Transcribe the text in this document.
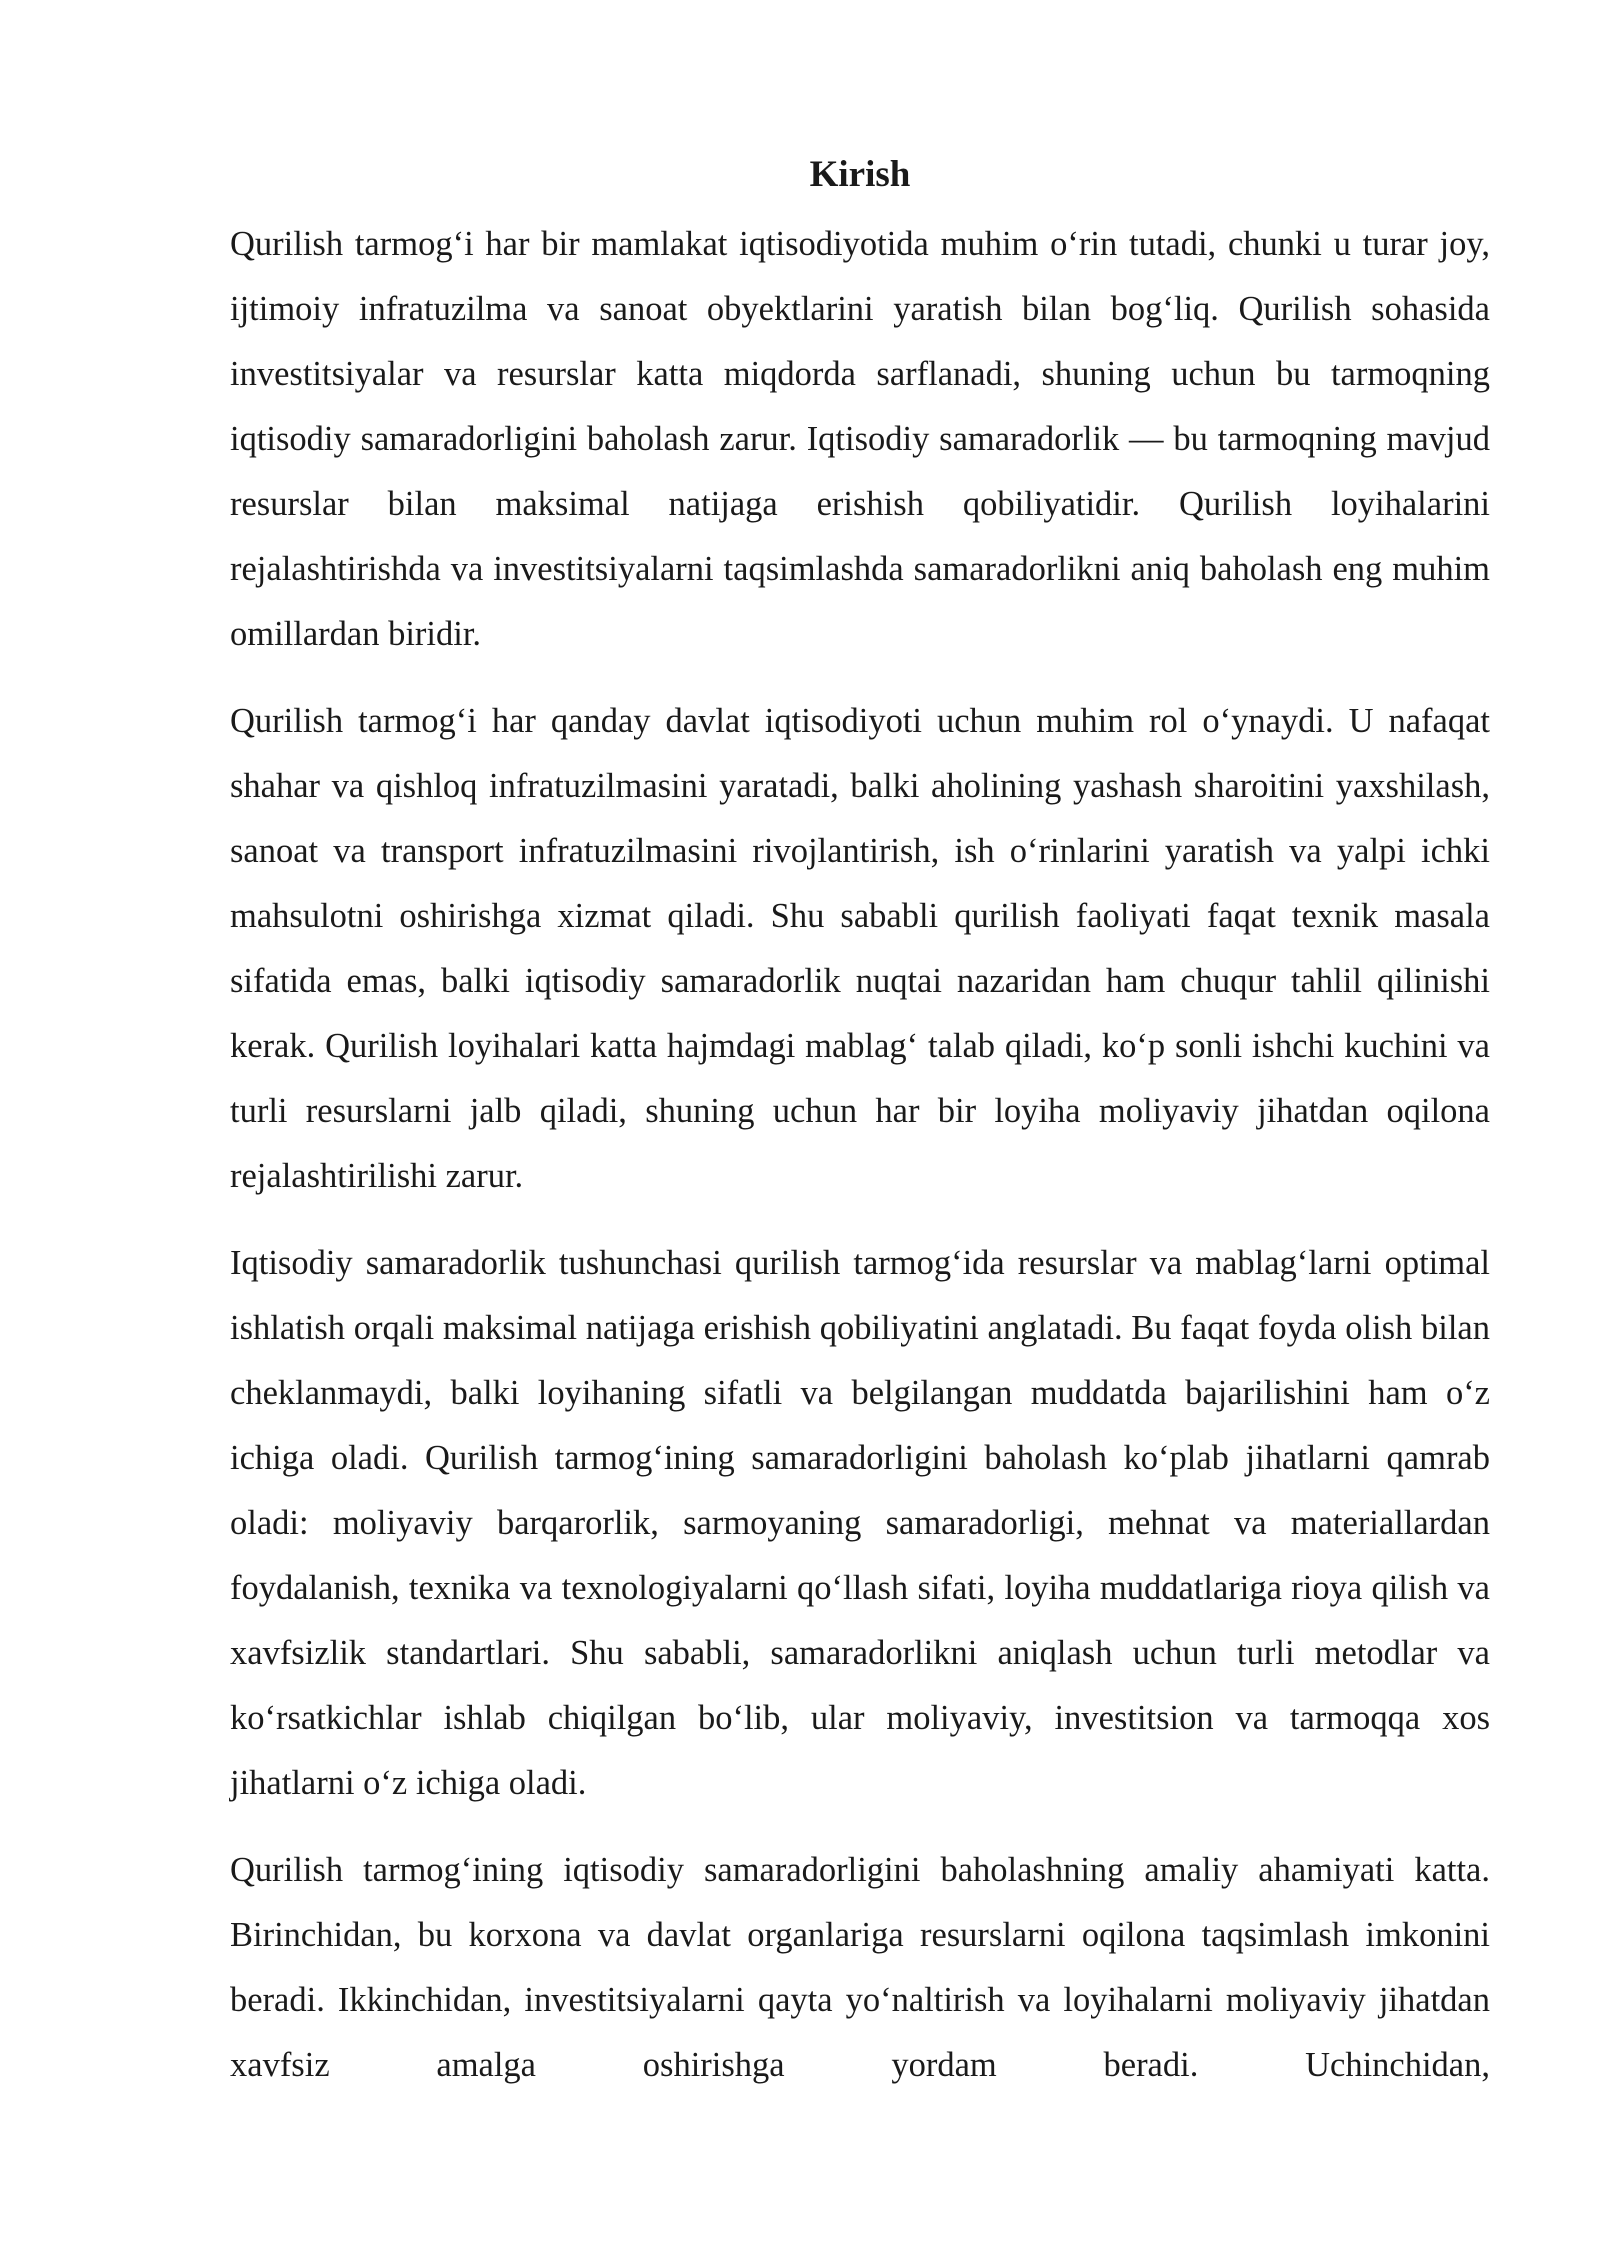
Kirish

Qurilish tarmog‘i har bir mamlakat iqtisodiyotida muhim o‘rin tutadi, chunki u turar joy, ijtimoiy infratuzilma va sanoat obyektlarini yaratish bilan bog‘liq. Qurilish sohasida investitsiyalar va resurslar katta miqdorda sarflanadi, shuning uchun bu tarmoqning iqtisodiy samaradorligini baholash zarur. Iqtisodiy samaradorlik — bu tarmoqning mavjud resurslar bilan maksimal natijaga erishish qobiliyatidir. Qurilish loyihalarini rejalashtirishda va investitsiyalarni taqsimlashda samaradorlikni aniq baholash eng muhim omillardan biridir.

Qurilish tarmog‘i har qanday davlat iqtisodiyoti uchun muhim rol o‘ynaydi. U nafaqat shahar va qishloq infratuzilmasini yaratadi, balki aholining yashash sharoitini yaxshilash, sanoat va transport infratuzilmasini rivojlantirish, ish o‘rinlarini yaratish va yalpi ichki mahsulotni oshirishga xizmat qiladi. Shu sababli qurilish faoliyati faqat texnik masala sifatida emas, balki iqtisodiy samaradorlik nuqtai nazaridan ham chuqur tahlil qilinishi kerak. Qurilish loyihalari katta hajmdagi mablag‘ talab qiladi, ko‘p sonli ishchi kuchini va turli resurslarni jalb qiladi, shuning uchun har bir loyiha moliyaviy jihatdan oqilona rejalashtirilishi zarur.

Iqtisodiy samaradorlik tushunchasi qurilish tarmog‘ida resurslar va mablag‘larni optimal ishlatish orqali maksimal natijaga erishish qobiliyatini anglatadi. Bu faqat foyda olish bilan cheklanmaydi, balki loyihaning sifatli va belgilangan muddatda bajarilishini ham o‘z ichiga oladi. Qurilish tarmog‘ining samaradorligini baholash ko‘plab jihatlarni qamrab oladi: moliyaviy barqarorlik, sarmoyaning samaradorligi, mehnat va materiallardan foydalanish, texnika va texnologiyalarni qo‘llash sifati, loyiha muddatlariga rioya qilish va xavfsizlik standartlari. Shu sababli, samaradorlikni aniqlash uchun turli metodlar va ko‘rsatkichlar ishlab chiqilgan bo‘lib, ular moliyaviy, investitsion va tarmoqqa xos jihatlarni o‘z ichiga oladi.

Qurilish tarmog‘ining iqtisodiy samaradorligini baholashning amaliy ahamiyati katta. Birinchidan, bu korxona va davlat organlariga resurslarni oqilona taqsimlash imkonini beradi. Ikkinchidan, investitsiyalarni qayta yo‘naltirish va loyihalarni moliyaviy jihatdan xavfsiz amalga oshirishga yordam beradi. Uchinchidan,
